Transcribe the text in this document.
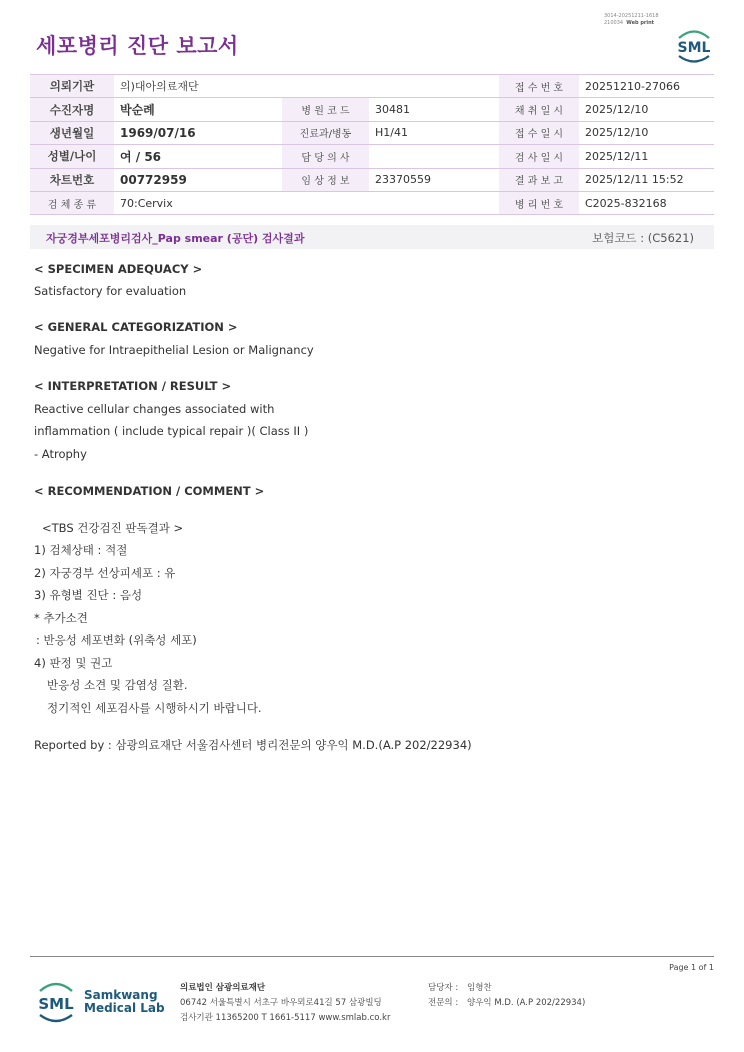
세포병리 진단 보고서
3014-20251211-1618
210034 Web print
SML
의뢰기관	의)대아의료재단			접 수 번 호	20251210-27066
수진자명	박순례	병 원 코 드	30481	채 취 일 시	2025/12/10
생년월일	1969/07/16	진료과/병동	H1/41	접 수 일 시	2025/12/10
성별/나이	여 / 56	담 당 의 사		검 사 일 시	2025/12/11
차트번호	00772959	임 상 정 보	23370559	결 과 보 고	2025/12/11 15:52
검 체 종 류	70:Cervix			병 리 번 호	C2025-832168
자궁경부세포병리검사_Pap smear (공단) 검사결과	보험코드 : (C5621)
< SPECIMEN ADEQUACY >
Satisfactory for evaluation
< GENERAL CATEGORIZATION >
Negative for Intraepithelial Lesion or Malignancy
< INTERPRETATION / RESULT >
Reactive cellular changes associated with
inflammation ( include typical repair )( Class II )
- Atrophy
< RECOMMENDATION / COMMENT >
<TBS 건강검진 판독결과 >
1) 검체상태 : 적절
2) 자궁경부 선상피세포 : 유
3) 유형별 진단 : 음성
* 추가소견
: 반응성 세포변화 (위축성 세포)
4) 판정 및 권고
반응성 소견 및 감염성 질환.
정기적인 세포검사를 시행하시기 바랍니다.
Reported by : 삼광의료재단 서울검사센터 병리전문의 양우익 M.D.(A.P 202/22934)
Page 1 of 1
SML Samkwang
Medical Lab
의료법인 삼광의료재단
06742 서울특별시 서초구 바우뫼로41길 57 삼광빌딩
검사기관 11365200 T 1661-5117 www.smlab.co.kr
담당자 : 임형찬
전문의 : 양우익 M.D. (A.P 202/22934)
